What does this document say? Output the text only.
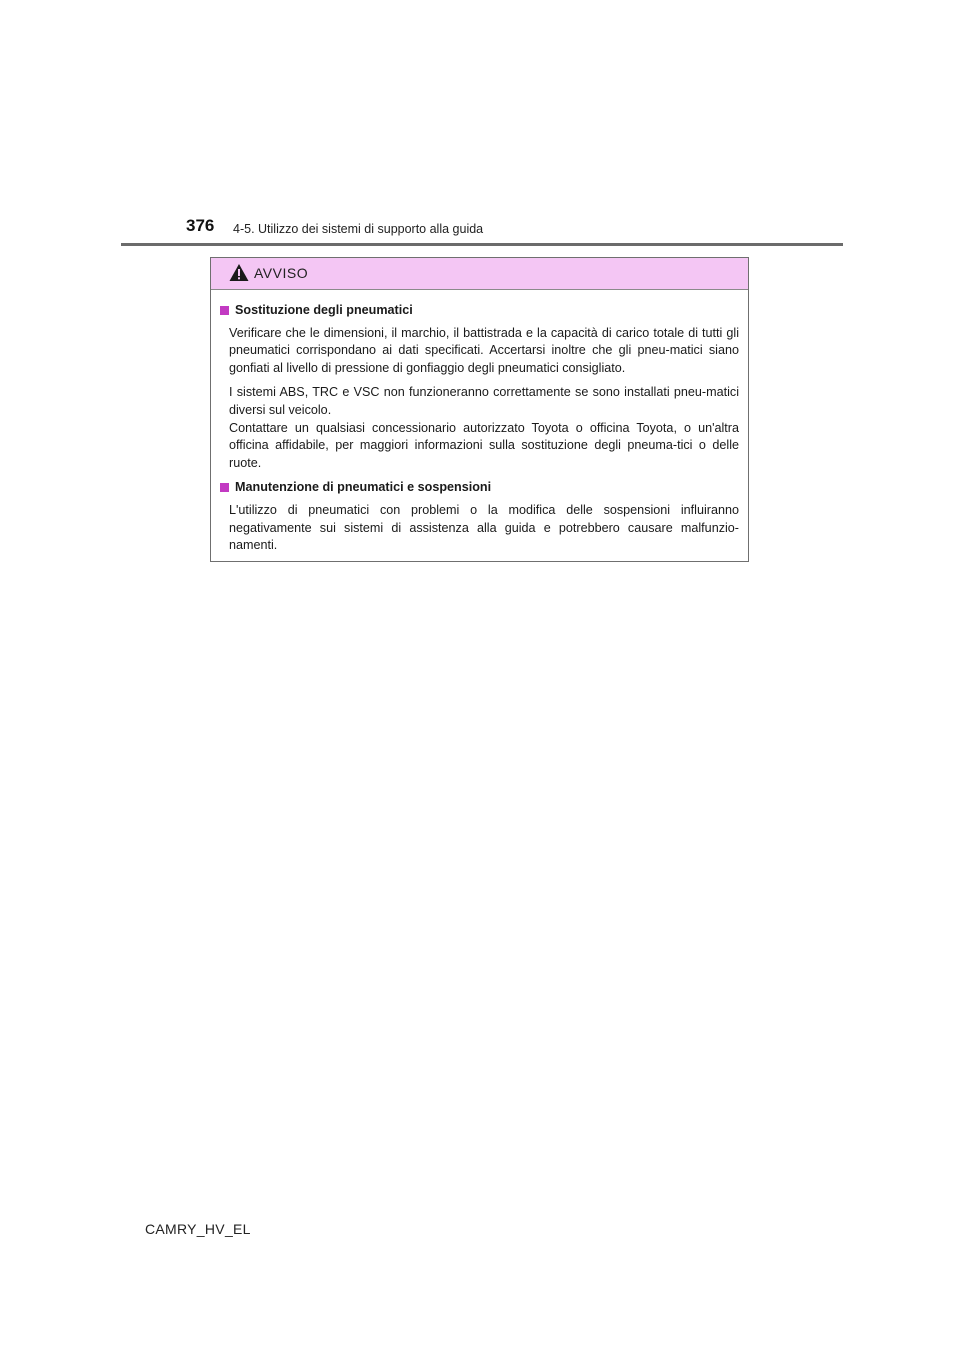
376 4-5. Utilizzo dei sistemi di supporto alla guida
AVVISO
Sostituzione degli pneumatici

Verificare che le dimensioni, il marchio, il battistrada e la capacità di carico totale di tutti gli pneumatici corrispondano ai dati specificati. Accertarsi inoltre che gli pneu-matici siano gonfiati al livello di pressione di gonfiaggio degli pneumatici consigliato.

I sistemi ABS, TRC e VSC non funzioneranno correttamente se sono installati pneu-matici diversi sul veicolo.

Contattare un qualsiasi concessionario autorizzato Toyota o officina Toyota, o un'altra officina affidabile, per maggiori informazioni sulla sostituzione degli pneuma-tici o delle ruote.

Manutenzione di pneumatici e sospensioni

L'utilizzo di pneumatici con problemi o la modifica delle sospensioni influiranno negativamente sui sistemi di assistenza alla guida e potrebbero causare malfunzio-namenti.

CAMRY_HV_EL
